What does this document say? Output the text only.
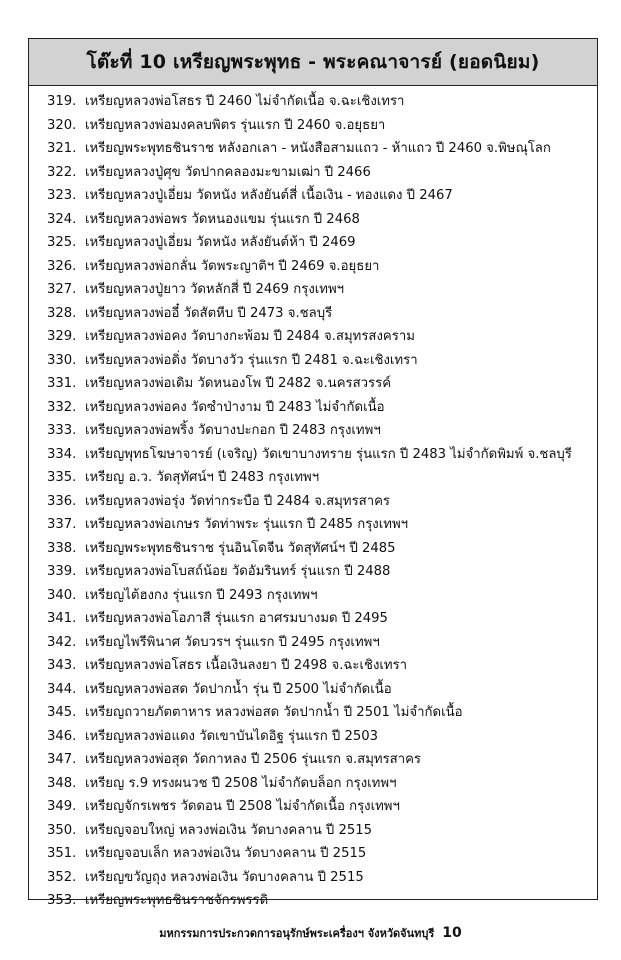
โต๊ะที่ 10 เหรียญพระพุทธ - พระคณาจารย์ (ยอดนิยม)
319. เหรียญหลวงพ่อโสธร ปี 2460 ไม่จำกัดเนื้อ จ.ฉะเชิงเทรา
320. เหรียญหลวงพ่อมงคลบพิตร รุ่นแรก ปี 2460 จ.อยุธยา
321. เหรียญพระพุทธชินราช หลังอกเลา - หนังสือสามแถว - ห้าแถว ปี 2460 จ.พิษณุโลก
322. เหรียญหลวงปู่ศุข วัดปากคลองมะขามเฒ่า ปี 2466
323. เหรียญหลวงปู่เอี่ยม วัดหนัง หลังยันต์สี่ เนื้อเงิน - ทองแดง ปี 2467
324. เหรียญหลวงพ่อพร วัดหนองแขม รุ่นแรก ปี 2468
325. เหรียญหลวงปู่เอี่ยม วัดหนัง หลังยันต์ห้า ปี 2469
326. เหรียญหลวงพ่อกลั่น วัดพระญาติฯ ปี 2469 จ.อยุธยา
327. เหรียญหลวงปู่ยาว วัดหลักสี่ ปี 2469 กรุงเทพฯ
328. เหรียญหลวงพ่ออี๋ วัดสัตหีบ ปี 2473 จ.ชลบุรี
329. เหรียญหลวงพ่อคง วัดบางกะพ้อม ปี 2484 จ.สมุทรสงคราม
330. เหรียญหลวงพ่อดิ่ง วัดบางวัว รุ่นแรก ปี 2481 จ.ฉะเชิงเทรา
331. เหรียญหลวงพ่อเดิม วัดหนองโพ ปี 2482 จ.นครสวรรค์
332. เหรียญหลวงพ่อคง วัดซำป่างาม ปี 2483 ไม่จำกัดเนื้อ
333. เหรียญหลวงพ่อพริ้ง วัดบางปะกอก ปี 2483 กรุงเทพฯ
334. เหรียญพุทธโฆษาจารย์ (เจริญ) วัดเขาบางทราย รุ่นแรก ปี 2483 ไม่จำกัดพิมพ์ จ.ชลบุรี
335. เหรียญ อ.ว. วัดสุทัศน์ฯ ปี 2483 กรุงเทพฯ
336. เหรียญหลวงพ่อรุ่ง วัดท่ากระบือ ปี 2484 จ.สมุทรสาคร
337. เหรียญหลวงพ่อเกษร วัดท่าพระ รุ่นแรก ปี 2485 กรุงเทพฯ
338. เหรียญพระพุทธชินราช รุ่นอินโดจีน วัดสุทัศน์ฯ ปี 2485
339. เหรียญหลวงพ่อโบสถ์น้อย วัดอัมรินทร์ รุ่นแรก ปี 2488
340. เหรียญไต้ฮงกง รุ่นแรก ปี 2493 กรุงเทพฯ
341. เหรียญหลวงพ่อโอภาสี รุ่นแรก อาศรมบางมด ปี 2495
342. เหรียญไพรีพินาศ วัดบวรฯ รุ่นแรก ปี 2495 กรุงเทพฯ
343. เหรียญหลวงพ่อโสธร เนื้อเงินลงยา ปี 2498 จ.ฉะเชิงเทรา
344. เหรียญหลวงพ่อสด วัดปากน้ำ รุ่น ปี 2500 ไม่จำกัดเนื้อ
345. เหรียญถวายภัตตาหาร หลวงพ่อสด วัดปากน้ำ ปี 2501 ไม่จำกัดเนื้อ
346. เหรียญหลวงพ่อแดง วัดเขาบันไดอิฐ รุ่นแรก ปี 2503
347. เหรียญหลวงพ่อสุด วัดกาหลง ปี 2506 รุ่นแรก จ.สมุทรสาคร
348. เหรียญ ร.9 ทรงผนวช ปี 2508 ไม่จำกัดบล็อก กรุงเทพฯ
349. เหรียญจักรเพชร วัดดอน ปี 2508 ไม่จำกัดเนื้อ กรุงเทพฯ
350. เหรียญจอบใหญ่ หลวงพ่อเงิน วัดบางคลาน ปี 2515
351. เหรียญจอบเล็ก หลวงพ่อเงิน วัดบางคลาน ปี 2515
352. เหรียญขวัญถุง หลวงพ่อเงิน วัดบางคลาน ปี 2515
353. เหรียญพระพุทธชินราชจักรพรรดิ
มหกรรมการประกวดการอนุรักษ์พระเครื่องฯ จังหวัดจันทบุรี 10
